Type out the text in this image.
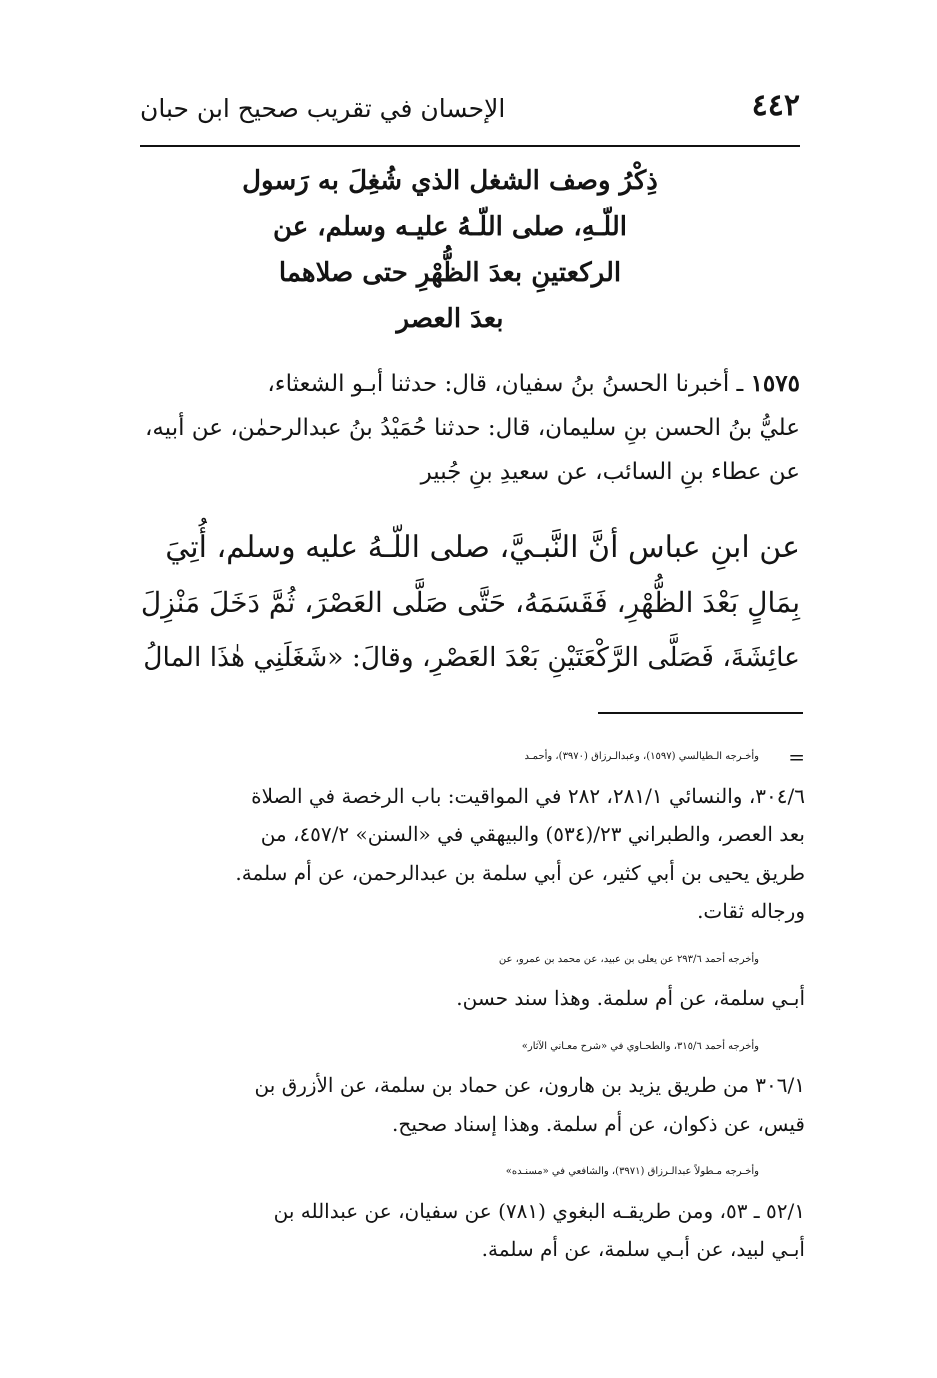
٤٤٢
الإحسان في تقريب صحيح ابن حبان
ذِكْرُ وصف الشغل الذي شُغِلَ به رَسول
اللّـهِ، صلى اللّـهُ عليـه وسلم، عن
الركعتينِ بعدَ الظُّهْرِ حتى صلاهما
بعدَ العصر
١٥٧٥ ـ أخبرنا الحسنُ بنُ سفيان، قال: حدثنا أبـو الشعثاء،
عليُّ بنُ الحسن بنِ سليمان، قال: حدثنا حُمَيْدُ بنُ عبدالرحمٰن، عن أبيه،
عن عطاء بنِ السائب، عن سعيدِ بنِ جُبير
عن ابنِ عباس أنَّ النَّبـيَّ، صلى اللّـهُ عليه وسلم، أُتِيَ
بِمَالٍ بَعْدَ الظُّهْرِ، فَقَسَمَهُ، حَتَّى صَلَّى العَصْرَ، ثُمَّ دَخَلَ مَنْزِلَ
عائِشَةَ، فَصَلَّى الرَّكْعَتَيْنِ بَعْدَ العَصْرِ، وقالَ: «شَغَلَنِي هٰذَا المالُ
=
وأخـرجه الـطيالسي (١٥٩٧)، وعبدالـرزاق (٣٩٧٠)، وأحمـد
٣٠٤/٦، والنسائي ٢٨١/١، ٢٨٢ في المواقيت: باب الرخصة في الصلاة
بعد العصر، والطبراني ٢٣/(٥٣٤) والبيهقي في «السنن» ٤٥٧/٢، من
طريق يحيى بن أبي كثير، عن أبي سلمة بن عبدالرحمن، عن أم سلمة.
ورجاله ثقات.
وأخرجه أحمد ٢٩٣/٦ عن يعلى بن عبيد، عن محمد بن عمرو، عن
أبـي سلمة، عن أم سلمة. وهذا سند حسن.
وأخرجه أحمد ٣١٥/٦، والطحـاوي في «شرح معـاني الآثار»
٣٠٦/١ من طريق يزيد بن هارون، عن حماد بن سلمة، عن الأزرق بن
قيس، عن ذكوان، عن أم سلمة. وهذا إسناد صحيح.
وأخـرجه مـطولاً عبدالـرزاق (٣٩٧١)، والشافعي في «مسنـده»
٥٢/١ ـ ٥٣، ومن طريقـه البغوي (٧٨١) عن سفيان، عن عبدالله بن
أبـي لبيد، عن أبـي سلمة، عن أم سلمة.
